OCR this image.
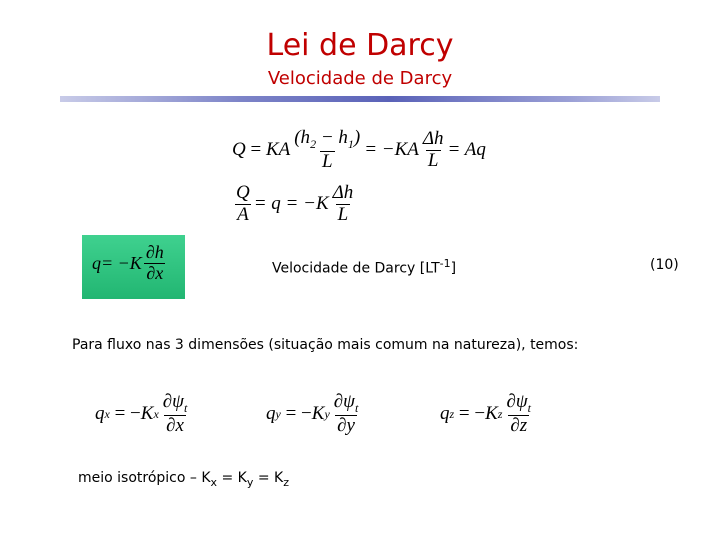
Lei de Darcy
Velocidade de Darcy
Q = KA $\frac{(h_2 - h_1)}{L} = -KA \frac{\Delta h}{L} = Aq$
$\frac{Q}{A} = q = -K \frac{\Delta h}{L}$
$q = -K \frac{\partial h}{\partial x}$	Velocidade de Darcy $[LT^{-1}]$	(10)
Para fluxo nas 3 dimensões (situação mais comum na natureza), temos:
q x = − K x $\frac{\partial\psi_t}{\partial x}$	q y = − K y $\frac{\partial\psi_t}{\partial y}$	q z = − K z $\frac{\partial\psi_t}{\partial z}$
meio isotrópico – $K_x = K_y = K_z$
